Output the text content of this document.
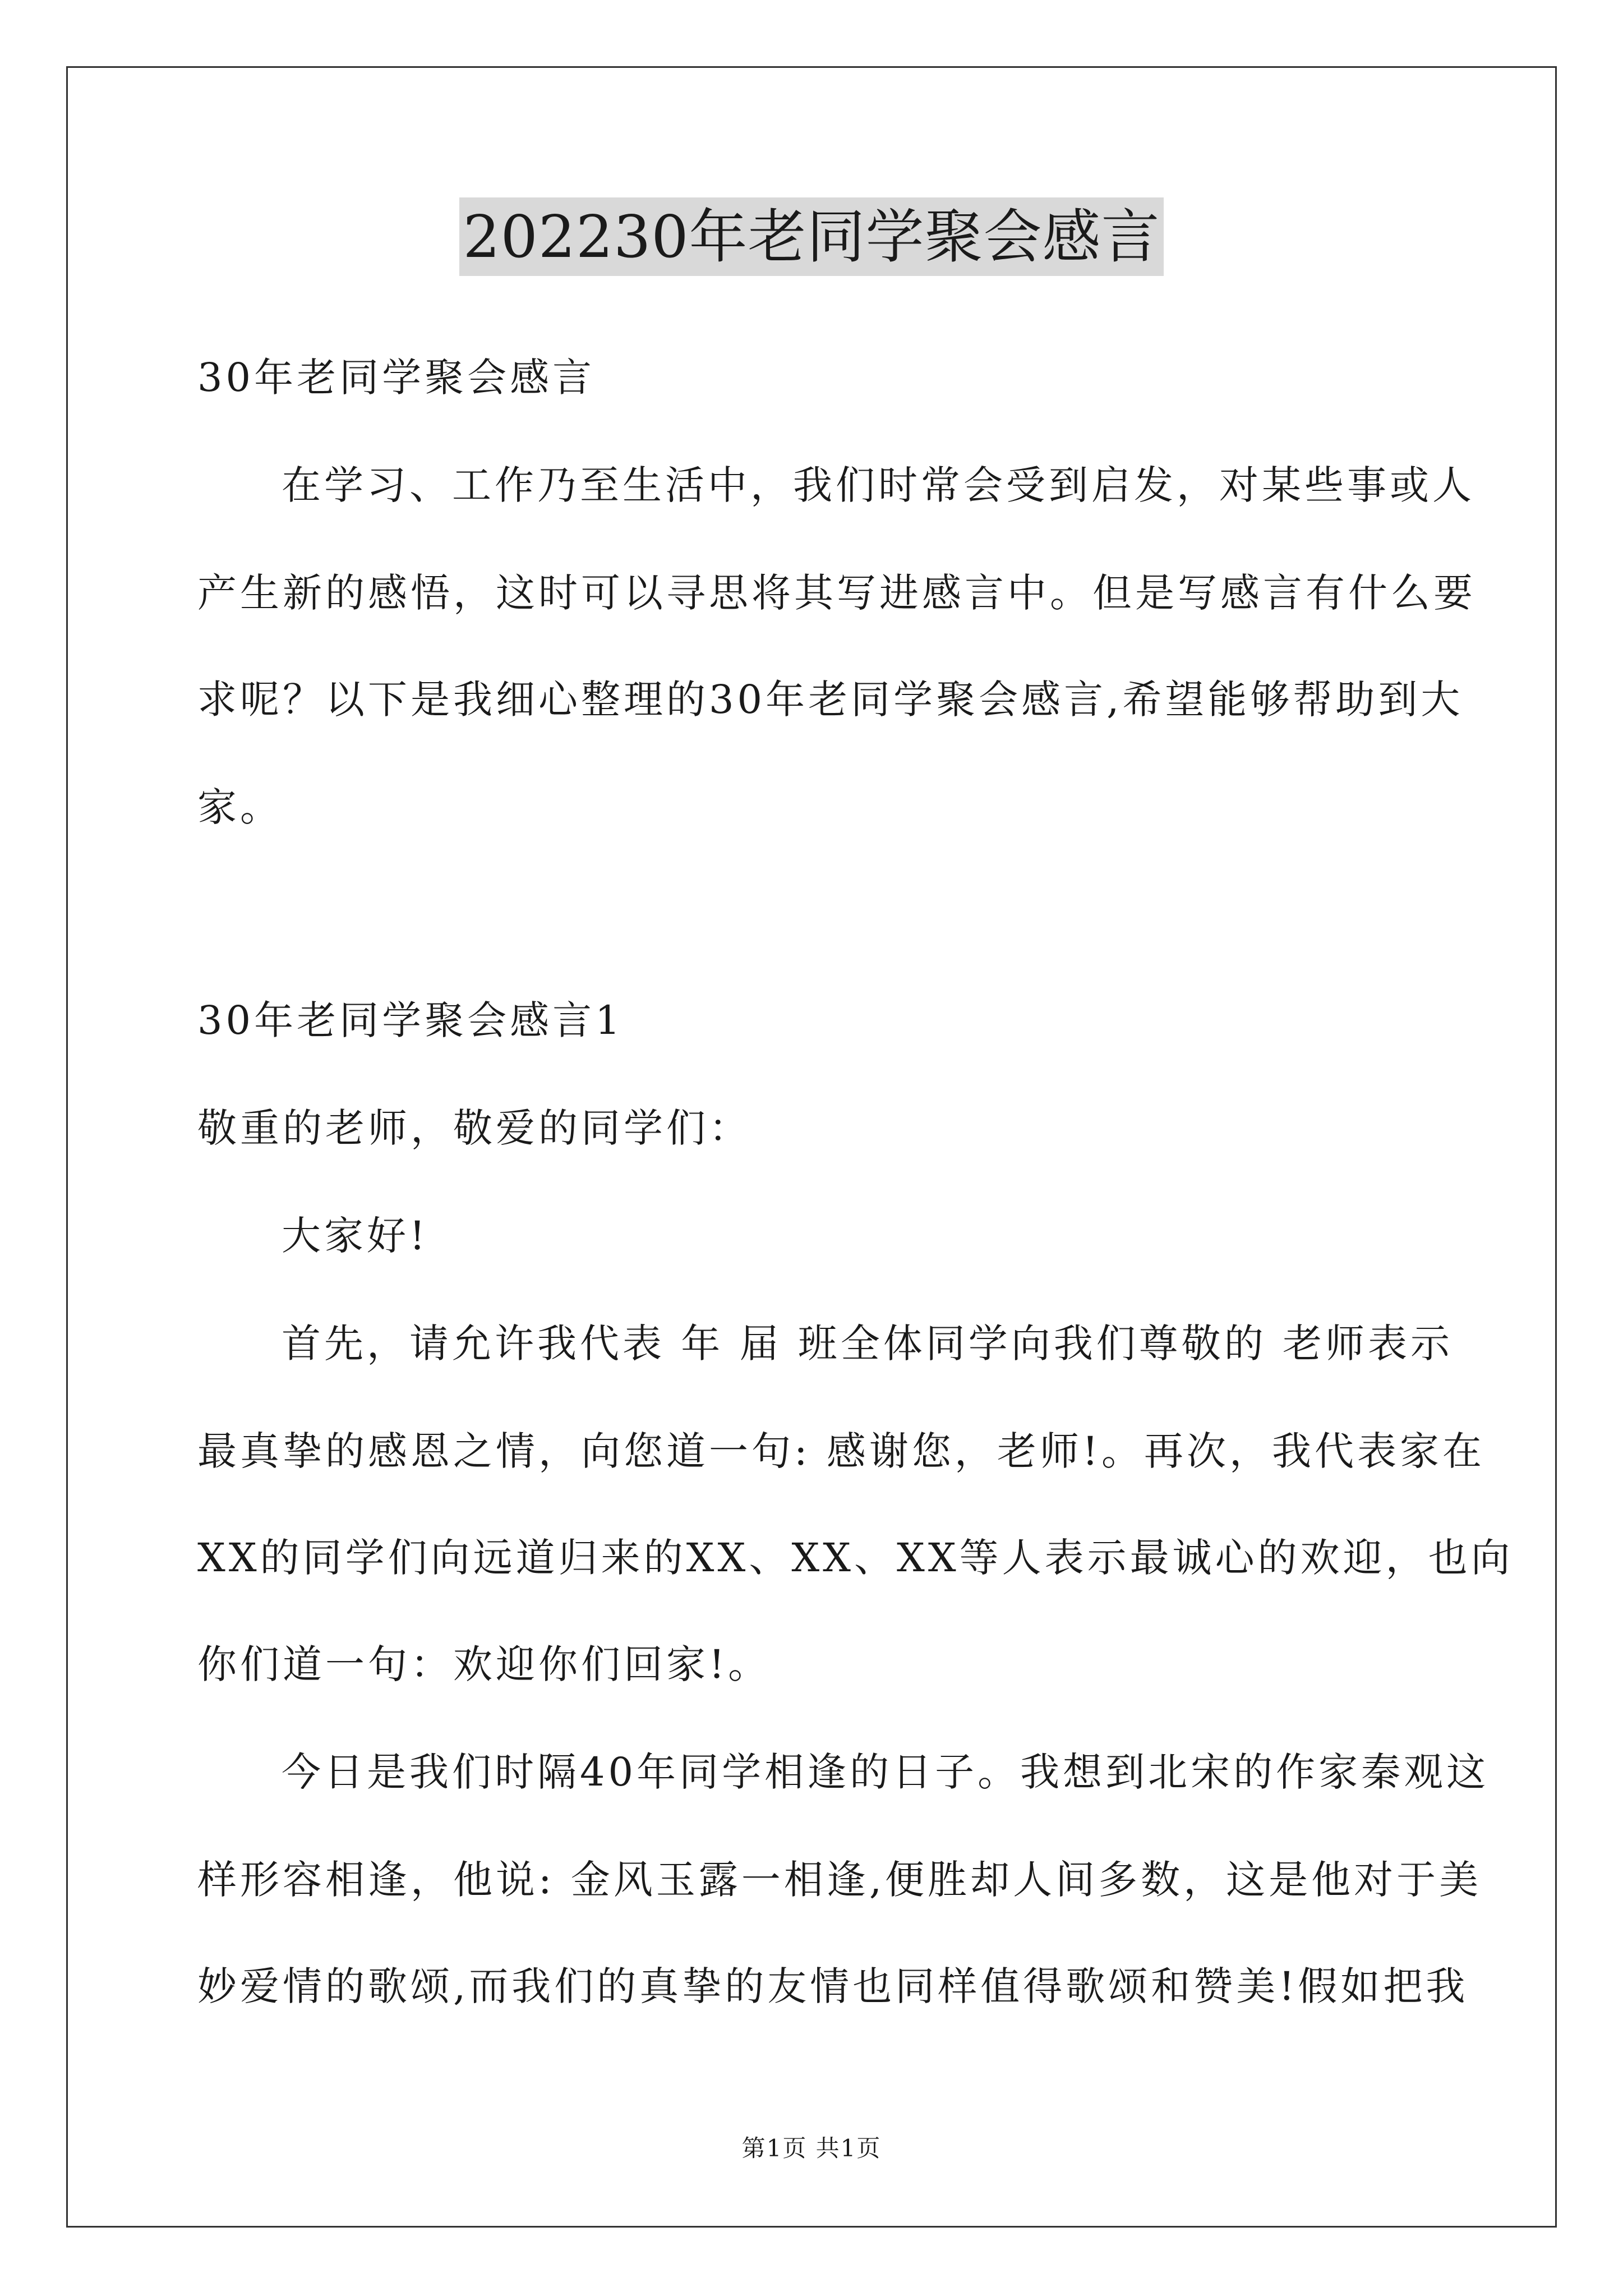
202230年老同学聚会感言
30年老同学聚会感言
在学习、工作乃至生活中，我们时常会受到启发，对某些事或人
产生新的感悟，这时可以寻思将其写进感言中。但是写感言有什么要
求呢？以下是我细心整理的30年老同学聚会感言,希望能够帮助到大
家。
30年老同学聚会感言1
敬重的老师，敬爱的同学们：
大家好!
首先，请允许我代表 年 届 班全体同学向我们尊敬的 老师表示
最真挚的感恩之情，向您道一句: 感谢您，老师!。再次，我代表家在
XX的同学们向远道归来的XX、XX、XX等人表示最诚心的欢迎，也向
你们道一句：欢迎你们回家!。
今日是我们时隔40年同学相逢的日子。我想到北宋的作家秦观这
样形容相逢，他说: 金风玉露一相逢,便胜却人间多数，这是他对于美
妙爱情的歌颂,而我们的真挚的友情也同样值得歌颂和赞美!假如把我
第1页 共1页
